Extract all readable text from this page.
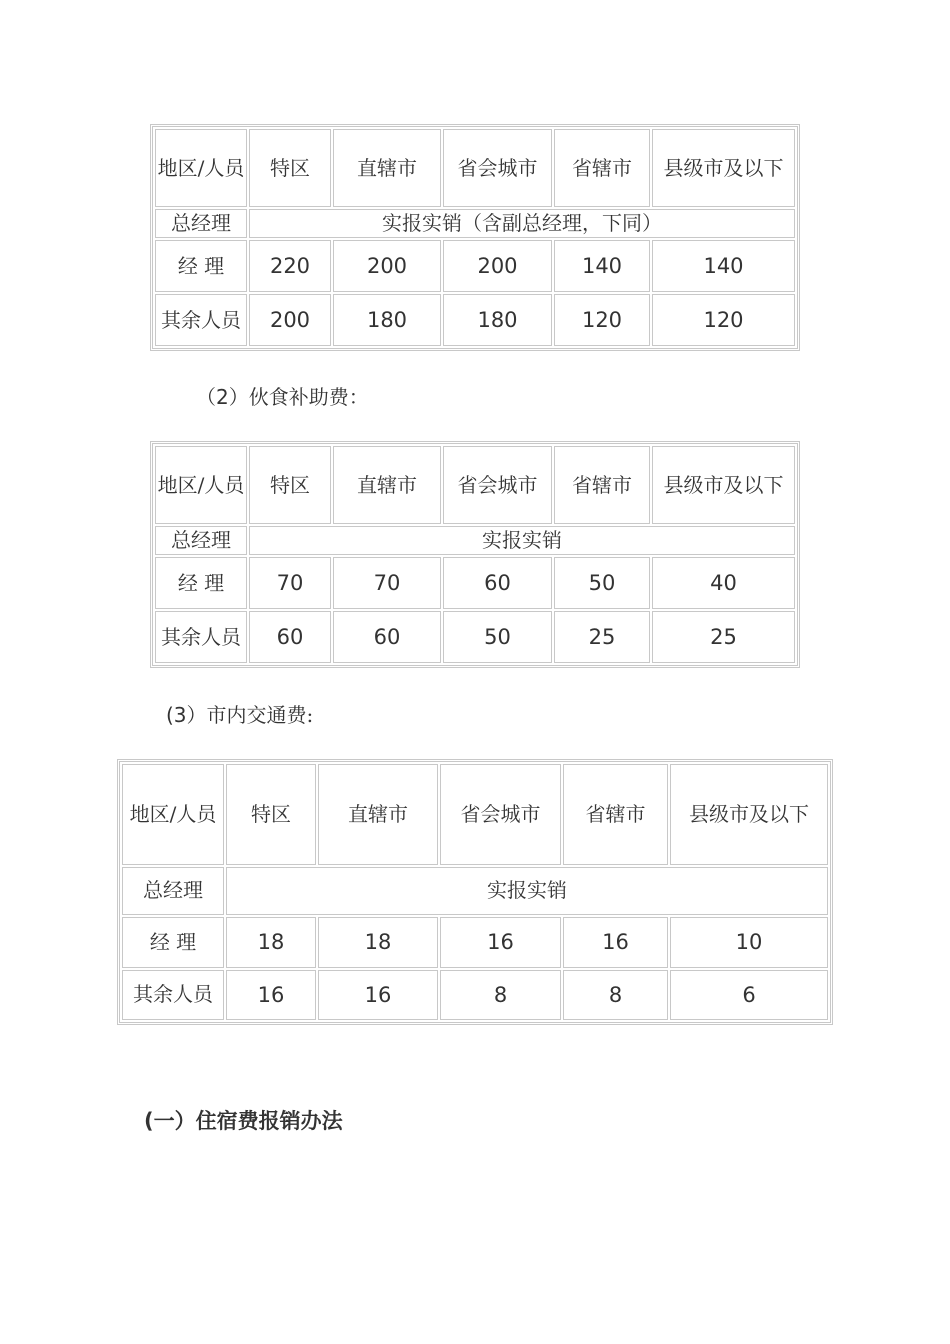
地区/人员	特区	直辖市	省会城市	省辖市	县级市及以下
总经理	实报实销（含副总经理，下同）				
经 理	220	200	200	140	140
其余人员	200	180	180	120	120
（2）伙食补助费：
地区/人员	特区	直辖市	省会城市	省辖市	县级市及以下
总经理	实报实销				
经 理	70	70	60	50	40
其余人员	60	60	50	25	25
(3）市内交通费:
地区/人员	特区	直辖市	省会城市	省辖市	县级市及以下
总经理	实报实销				
经 理	18	18	16	16	10
其余人员	16	16	8	8	6
(一）住宿费报销办法
